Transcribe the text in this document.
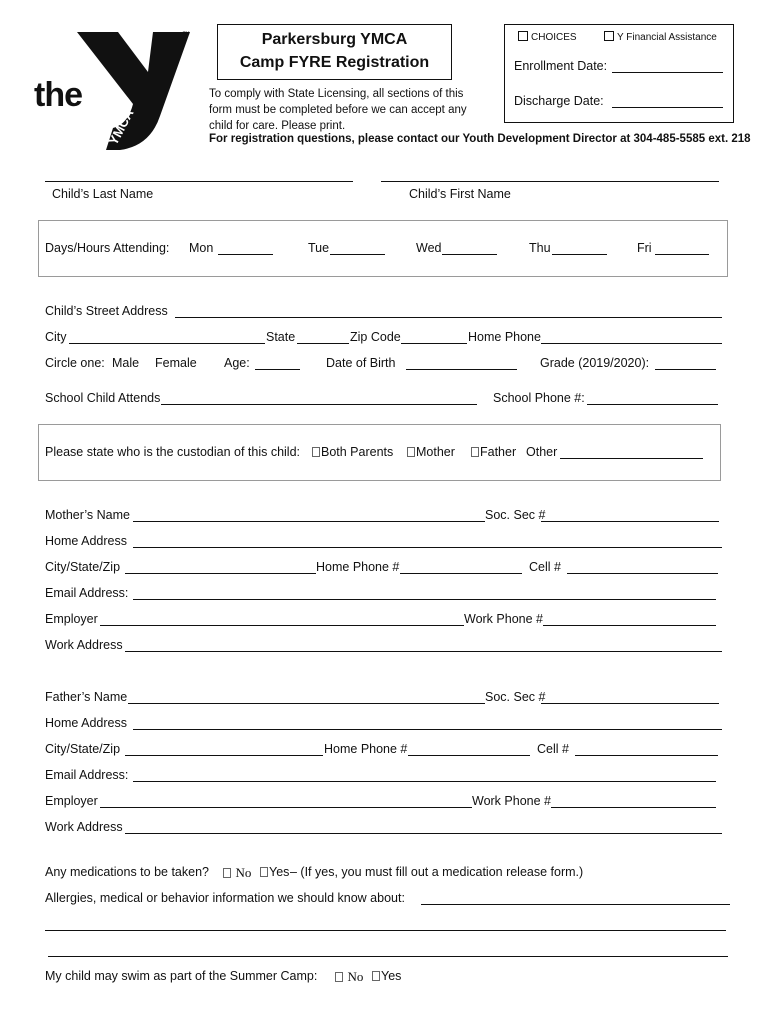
YMCA
the
™	Parkersburg YMCA
Camp FYRE Registration
CHOICES	Y Financial Assistance
Enrollment Date:
Discharge Date:
To comply with State Licensing, all sections of this form must be completed before we can accept any child for care. Please print.
For registration questions, please contact our Youth Development Director at 304-485-5585 ext. 218
Child’s Last Name	Child’s First Name
Days/Hours Attending: Mon	Tue	Wed	Thu	Fri
Child’s Street Address
City	State	Zip Code	Home Phone
Circle one: Male Female Age:	Date of Birth	Grade (2019/2020):
School Child Attends	School Phone #:
Please state who is the custodian of this child:	Both Parents	Mother	Father Other
Mother’s Name	Soc. Sec #
Home Address
City/State/Zip	Home Phone #	Cell #
Email Address:
Employer	Work Phone #
Work Address
Father’s Name	Soc. Sec #
Home Address
City/State/Zip	Home Phone #	Cell #
Email Address:
Employer	Work Phone #
Work Address
Any medications to be taken?	No	Yes – (If yes, you must fill out a medication release form.)
Allergies, medical or behavior information we should know about:
My child may swim as part of the Summer Camp:	No	Yes
